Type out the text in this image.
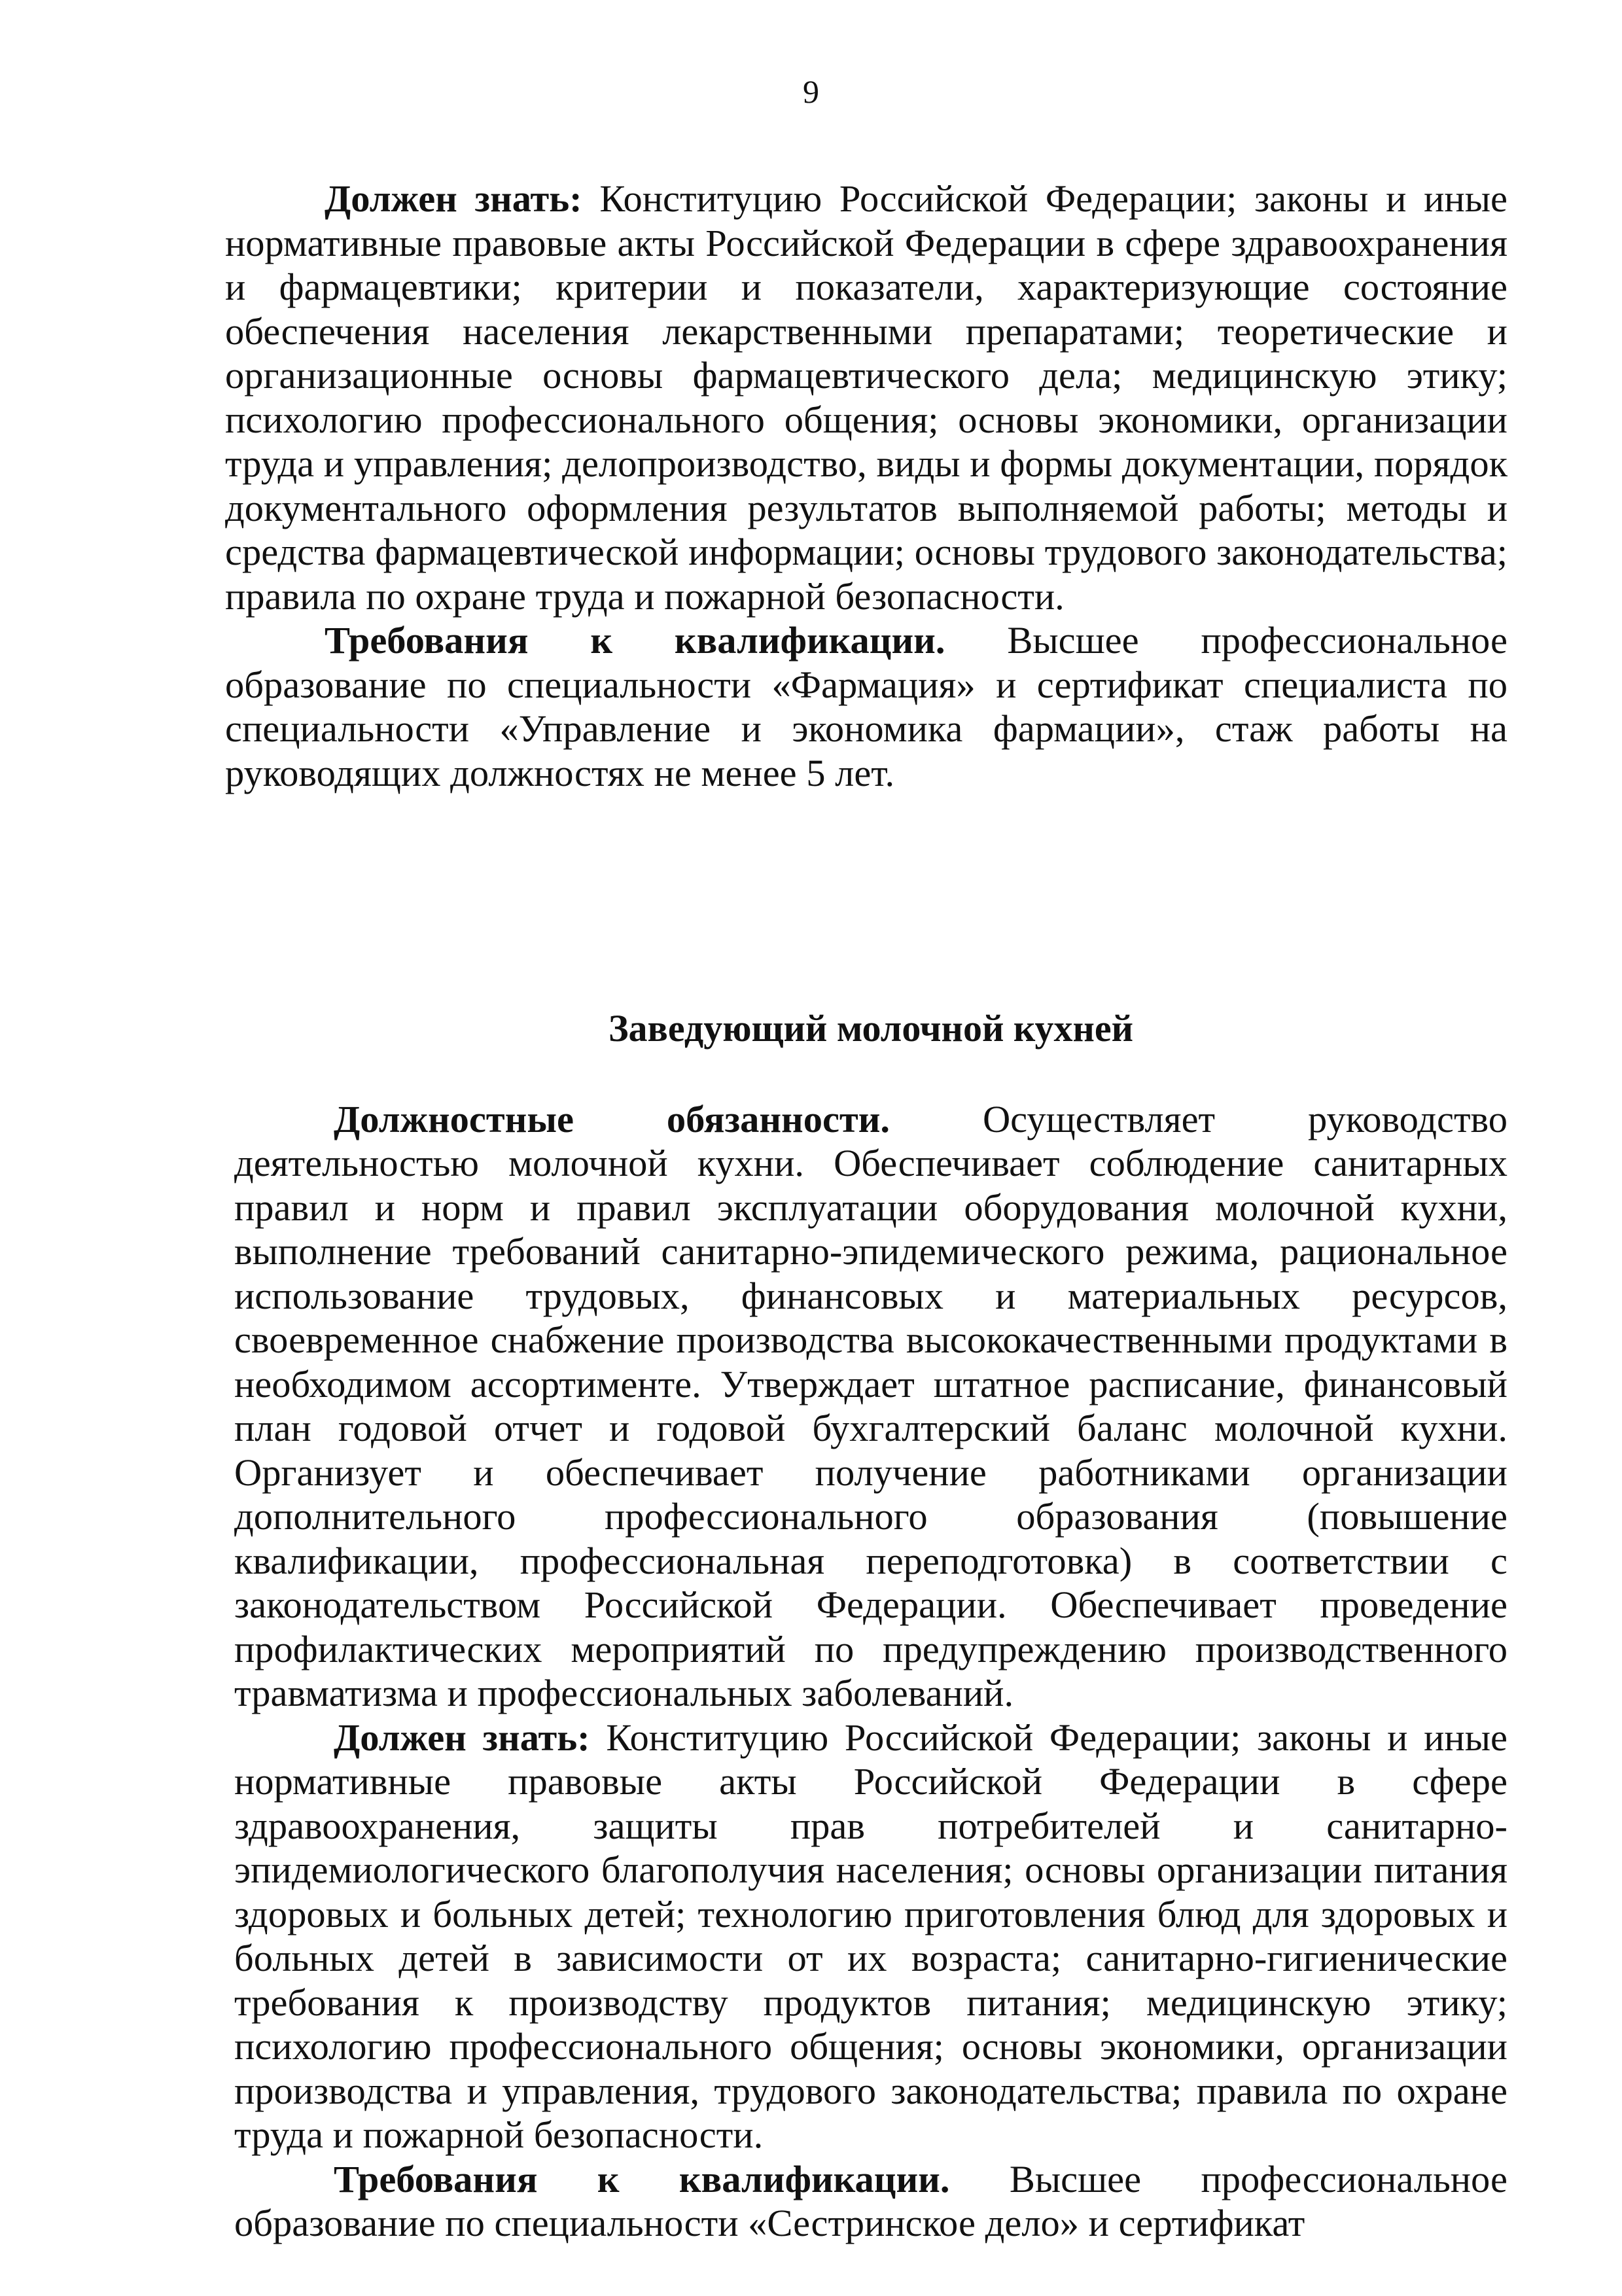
9

Должен знать: Конституцию Российской Федерации; законы и иные нормативные правовые акты Российской Федерации в сфере здравоохранения и фармацевтики; критерии и показатели, характеризующие состояние обеспечения населения лекарственными препаратами; теоретические и организационные основы фармацевтического дела; медицинскую этику; психологию профессионального общения; основы экономики, организации труда и управления; делопроизводство, виды и формы документации, порядок документального оформления результатов выполняемой работы; методы и средства фармацевтической информации; основы трудового законодательства; правила по охране труда и пожарной безопасности.

Требования к квалификации. Высшее профессиональное образование по специальности «Фармация» и сертификат специалиста по специальности «Управление и экономика фармации», стаж работы на руководящих должностях не менее 5 лет.

Заведующий молочной кухней

Должностные обязанности. Осуществляет руководство деятельностью молочной кухни. Обеспечивает соблюдение санитарных правил и норм и правил эксплуатации оборудования молочной кухни, выполнение требований санитарно-эпидемического режима, рациональное использование трудовых, финансовых и материальных ресурсов, своевременное снабжение производства высококачественными продуктами в необходимом ассортименте. Утверждает штатное расписание, финансовый план годовой отчет и годовой бухгалтерский баланс молочной кухни. Организует и обеспечивает получение работниками организации дополнительного профессионального образования (повышение квалификации, профессиональная переподготовка) в соответствии с законодательством Российской Федерации. Обеспечивает проведение профилактических мероприятий по предупреждению производственного травматизма и профессиональных заболеваний.

Должен знать: Конституцию Российской Федерации; законы и иные нормативные правовые акты Российской Федерации в сфере здравоохранения, защиты прав потребителей и санитарно-эпидемиологического благополучия населения; основы организации питания здоровых и больных детей; технологию приготовления блюд для здоровых и больных детей в зависимости от их возраста; санитарно-гигиенические требования к производству продуктов питания; медицинскую этику; психологию профессионального общения; основы экономики, организации производства и управления, трудового законодательства; правила по охране труда и пожарной безопасности.

Требования к квалификации. Высшее профессиональное образование по специальности «Сестринское дело» и сертификат
